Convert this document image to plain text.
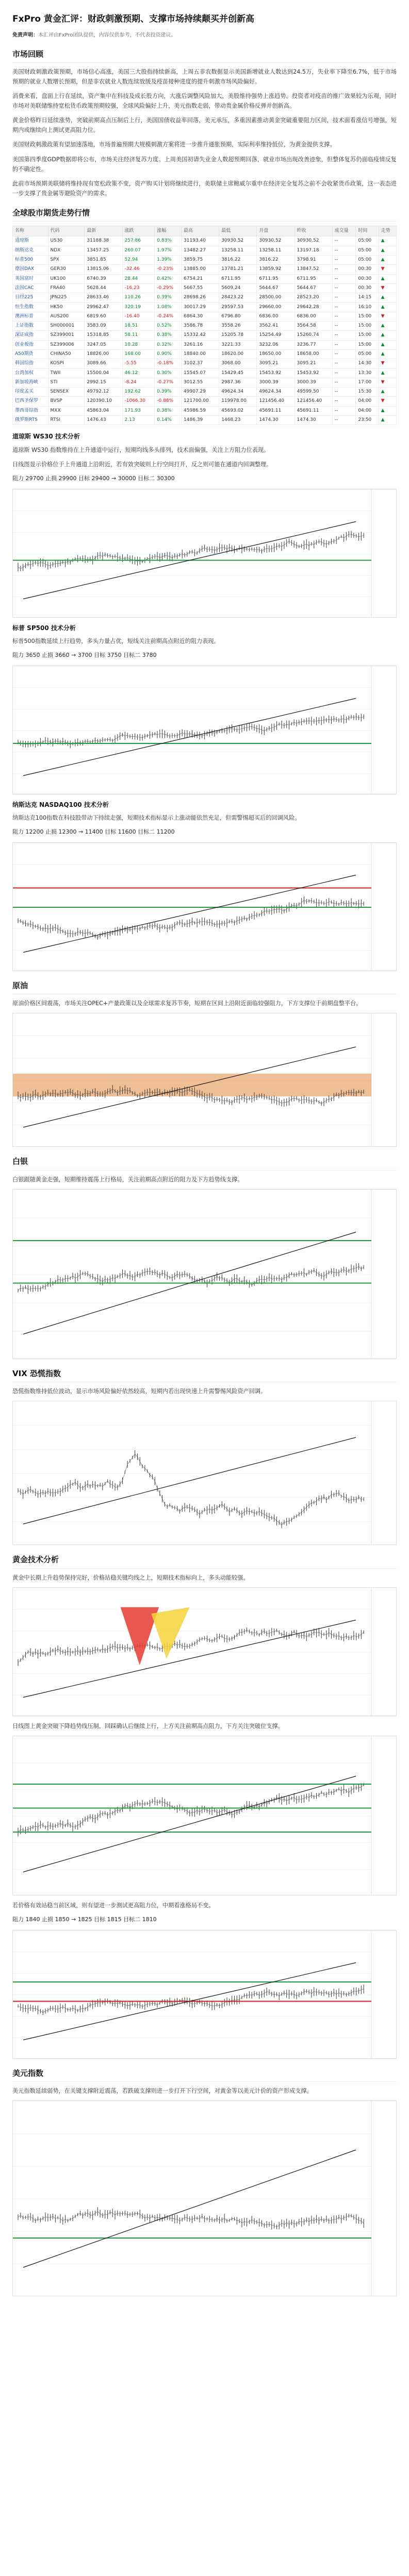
FxPro 黄金汇评：财政刺激预期、支撑市场持续颠买并创新高
免责声明：本汇评由FxPro团队提供，内容仅供参考，不代表投资建议。
市场回顾

美国财政刺激政策预期，市场信心高涨，美国三大股指持续新高，上周五非农数据显示美国新增就业人数达到24.5万，失业率下降至6.7%，低于市场预期的就业人数增长预期，但是非农就业人数连续放缓及疫苗接种进度的提升刺激市场风险偏好。

消费来看，盘面上行在延续，资产集中在科技及成长股方向，大涨后调整风险加大，美股维持强势上涨趋势。投资者对疫苗的推广效果较为乐观，同时市场对美联储维持宽松货币政策预期较强，全球风险偏好上升，美元指数走弱，带动贵金属价格反弹并创新高。

黄金价格昨日延续涨势，突破前期高点压制后上行，美国国债收益率回落，美元承压，多重因素推动黄金突破重要阻力区间，技术面看涨信号增强，短期内或继续向上测试更高阻力位。

美国财政刺激政策有望加速落地，市场普遍预期大规模刺激方案将进一步推升通胀预期，实际利率维持低位，为黄金提供支撑。

美国第四季度GDP数据即将公布，市场关注经济复苏力度。上周美国初请失业金人数超预期回落，就业市场出现改善迹象，但整体复苏仍面临疫情反复的不确定性。

此前市场预期美联储将维持现有宽松政策不变，资产购买计划将继续进行，美联储主席鲍威尔重申在经济完全复苏之前不会收紧货币政策，这一表态进一步支撑了贵金属等避险资产的需求。

全球股市期货走势行情
名称	代码	最新	涨跌	涨幅	最高	最低	开盘	昨收	成交量	时间	走势
道琼斯	US30	31188.38	257.86	0.83%	31193.40	30930.52	30930.52	30930.52	--	05:00	▲
纳斯达克	NDX	13457.25	260.07	1.97%	13482.27	13258.11	13258.11	13197.18	--	05:00	▲
标普500	SPX	3851.85	52.94	1.39%	3859.75	3816.22	3816.22	3798.91	--	05:00	▲
德国DAX	GER30	13815.06	-32.46	-0.23%	13885.00	13781.21	13859.92	13847.52	--	00:30	▼
英国富时	UK100	6740.39	28.44	0.42%	6754.21	6711.95	6711.95	6711.95	--	00:30	▲
法国CAC	FRA40	5628.44	-16.23	-0.29%	5667.55	5609.24	5644.67	5644.67	--	00:30	▼
日经225	JPN225	28633.46	110.26	0.39%	28698.26	28423.22	28500.00	28523.20	--	14:15	▲
恒生指数	HK50	29962.47	320.19	1.08%	30017.29	29597.53	29660.00	29642.28	--	16:10	▲
澳洲标普	AUS200	6819.60	-16.40	-0.24%	6864.30	6796.80	6836.00	6836.00	--	15:00	▼
上证指数	SH000001	3583.09	18.51	0.52%	3586.78	3558.26	3562.41	3564.58	--	15:00	▲
深证成指	SZ399001	15318.85	58.11	0.38%	15332.42	15205.78	15254.49	15260.74	--	15:00	▲
创业板指	SZ399006	3247.05	10.28	0.32%	3261.16	3221.33	3232.06	3236.77	--	15:00	▲
A50期货	CHINA50	18826.00	168.00	0.90%	18840.00	18620.00	18650.00	18658.00	--	05:00	▲
韩国综指	KOSPI	3089.66	-5.55	-0.18%	3102.37	3068.00	3095.21	3095.21	--	14:30	▼
台湾加权	TWII	15500.04	46.12	0.30%	15545.07	15429.45	15453.92	15453.92	--	13:30	▲
新加坡海峡	STI	2992.15	-8.24	-0.27%	3012.55	2987.36	3000.39	3000.39	--	17:00	▼
印度孟买	SENSEX	49792.12	192.62	0.39%	49907.29	49624.34	49624.34	49599.50	--	15:30	▲
巴西圣保罗	BVSP	120390.10	-1066.30	-0.88%	121700.00	119978.00	121456.40	121456.40	--	04:00	▼
墨西哥综指	MXX	45863.04	171.93	0.38%	45986.59	45693.02	45691.11	45691.11	--	04:00	▲
俄罗斯RTS	RTSI	1476.43	2.13	0.14%	1486.39	1468.23	1474.30	1474.30	--	23:50	▲
道琼斯 WS30 技术分析

道琼斯 WS30 指数维持在上升通道中运行，短期均线多头排列，技术面偏强，关注上方阻力位表现。

日线图显示价格位于上升通道上沿附近，若有效突破则上行空间打开，反之则可能在通道内回调整理。

阻力 29700 止损 29900 目标 29400 → 30000 目标二 30300
标普 SP500 技术分析

标普500指数延续上行趋势，多头力量占优，短线关注前期高点附近的阻力表现。

阻力 3650 止损 3660 → 3700 目标 3750 目标二 3780
纳斯达克 NASDAQ100 技术分析

纳斯达克100指数在科技股带动下持续走强，短期技术指标显示上涨动能依然充足，但需警惕超买后的回调风险。

阻力 12200 止损 12300 → 11400 目标 11600 目标二 11200
原油

原油价格区间震荡，市场关注OPEC+产量政策以及全球需求复苏节奏，短期在区间上沿附近面临较强阻力，下方支撑位于前期盘整平台。

白银

白银跟随黄金走强，短期维持震荡上行格局，关注前期高点附近的阻力及下方趋势线支撑。

VIX 恐慌指数

恐慌指数维持低位波动，显示市场风险偏好依然较高，短期内若出现快速上升需警惕风险资产回调。

黄金技术分析

黄金中长期上升趋势保持完好，价格站稳关键均线之上，短期技术指标向上，多头动能较强。

日线图上黄金突破下降趋势线压制，回踩确认后继续上行，上方关注前期高点阻力，下方关注突破位支撑。

若价格有效站稳当前区域，则有望进一步测试更高阻力位，中期看涨格局不变。

阻力 1840 止损 1850 → 1825 目标 1815 目标二 1810
美元指数

美元指数延续弱势，在关键支撑附近震荡，若跌破支撑则进一步打开下行空间，对黄金等以美元计价的资产形成支撑。
